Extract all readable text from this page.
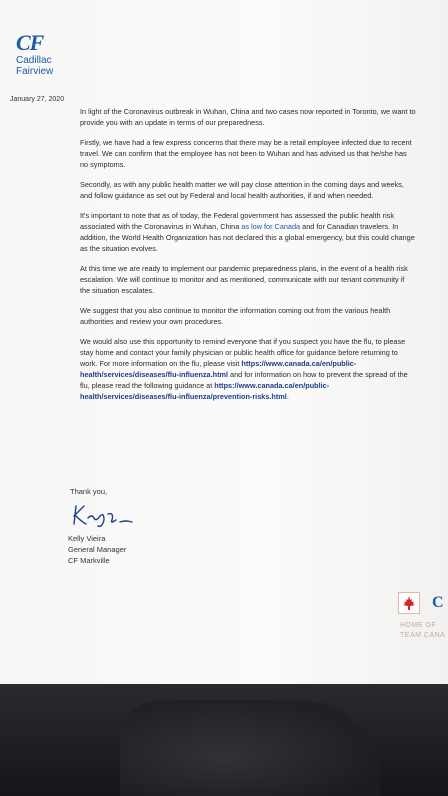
CF
Cadillac
Fairview
January 27, 2020

In light of the Coronavirus outbreak in Wuhan, China and two cases now reported in Toronto, we want to provide you with an update in terms of our preparedness.

Firstly, we have had a few express concerns that there may be a retail employee infected due to recent travel. We can confirm that the employee has not been to Wuhan and has advised us that he/she has no symptoms.

Secondly, as with any public health matter we will pay close attention in the coming days and weeks, and follow guidance as set out by Federal and local health authorities, if and when needed.

It's important to note that as of today, the Federal government has assessed the public health risk associated with the Coronavirus in Wuhan, China as low for Canada and for Canadian travelers. In addition, the World Health Organization has not declared this a global emergency, but this could change as the situation evolves.

At this time we are ready to implement our pandemic preparedness plans, in the event of a health risk escalation. We will continue to monitor and as mentioned, communicate with our tenant community if the situation escalates.

We suggest that you also continue to monitor the information coming out from the various health authorities and review your own procedures.

We would also use this opportunity to remind everyone that if you suspect you have the flu, to please stay home and contact your family physician or public health office for guidance before returning to work. For more information on the flu, please visit https://www.canada.ca/en/public-health/services/diseases/flu-influenza.html and for information on how to prevent the spread of the flu, please read the following guidance at https://www.canada.ca/en/public-health/services/diseases/flu-influenza/prevention-risks.html.

Thank you,
Kelly Vieira
General Manager
CF Markville
C
HOME OF
TEAM CANA
